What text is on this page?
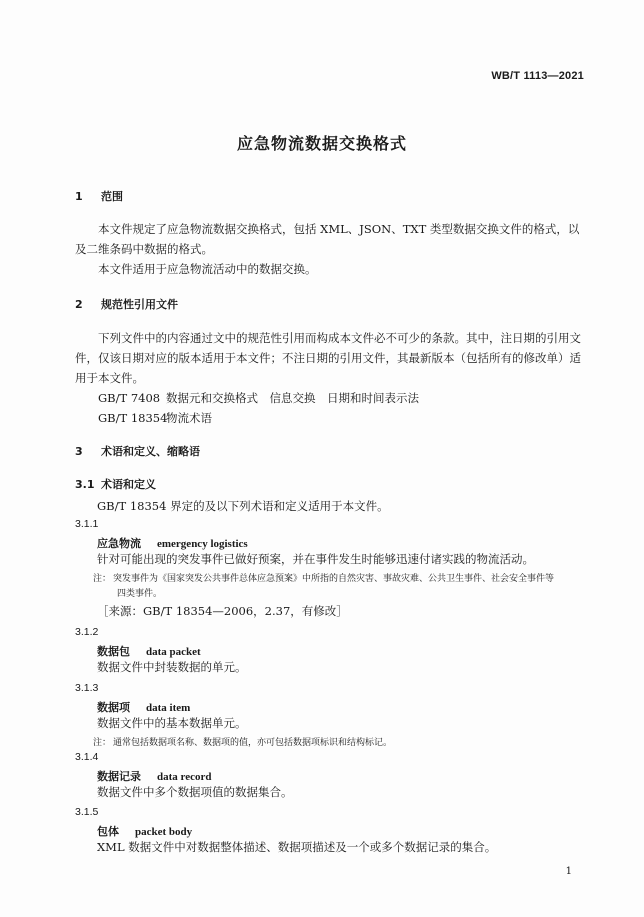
WB/T 1113—2021
应急物流数据交换格式
1 范围
本文件规定了应急物流数据交换格式，包括 XML、JSON、TXT 类型数据交换文件的格式，以及二维条码中数据的格式。
本文件适用于应急物流活动中的数据交换。
2 规范性引用文件
下列文件中的内容通过文中的规范性引用而构成本文件必不可少的条款。其中，注日期的引用文件，仅该日期对应的版本适用于本文件；不注日期的引用文件，其最新版本（包括所有的修改单）适用于本文件。
GB/T 7408 数据元和交换格式　信息交换　日期和时间表示法
GB/T 18354物流术语
3 术语和定义、缩略语
3.1 术语和定义
GB/T 18354 界定的及以下列术语和定义适用于本文件。
3.1.1
应急物流 emergency logistics
针对可能出现的突发事件已做好预案，并在事件发生时能够迅速付诸实践的物流活动。
注： 突发事件为《国家突发公共事件总体应急预案》中所指的自然灾害、事故灾难、公共卫生事件、社会安全事件等
四类事件。
［来源：GB/T 18354—2006，2.37，有修改］
3.1.2
数据包 data packet
数据文件中封装数据的单元。
3.1.3
数据项 data item
数据文件中的基本数据单元。
注： 通常包括数据项名称、数据项的值，亦可包括数据项标识和结构标记。
3.1.4
数据记录 data record
数据文件中多个数据项值的数据集合。
3.1.5
包体 packet body
XML 数据文件中对数据整体描述、数据项描述及一个或多个数据记录的集合。
1
